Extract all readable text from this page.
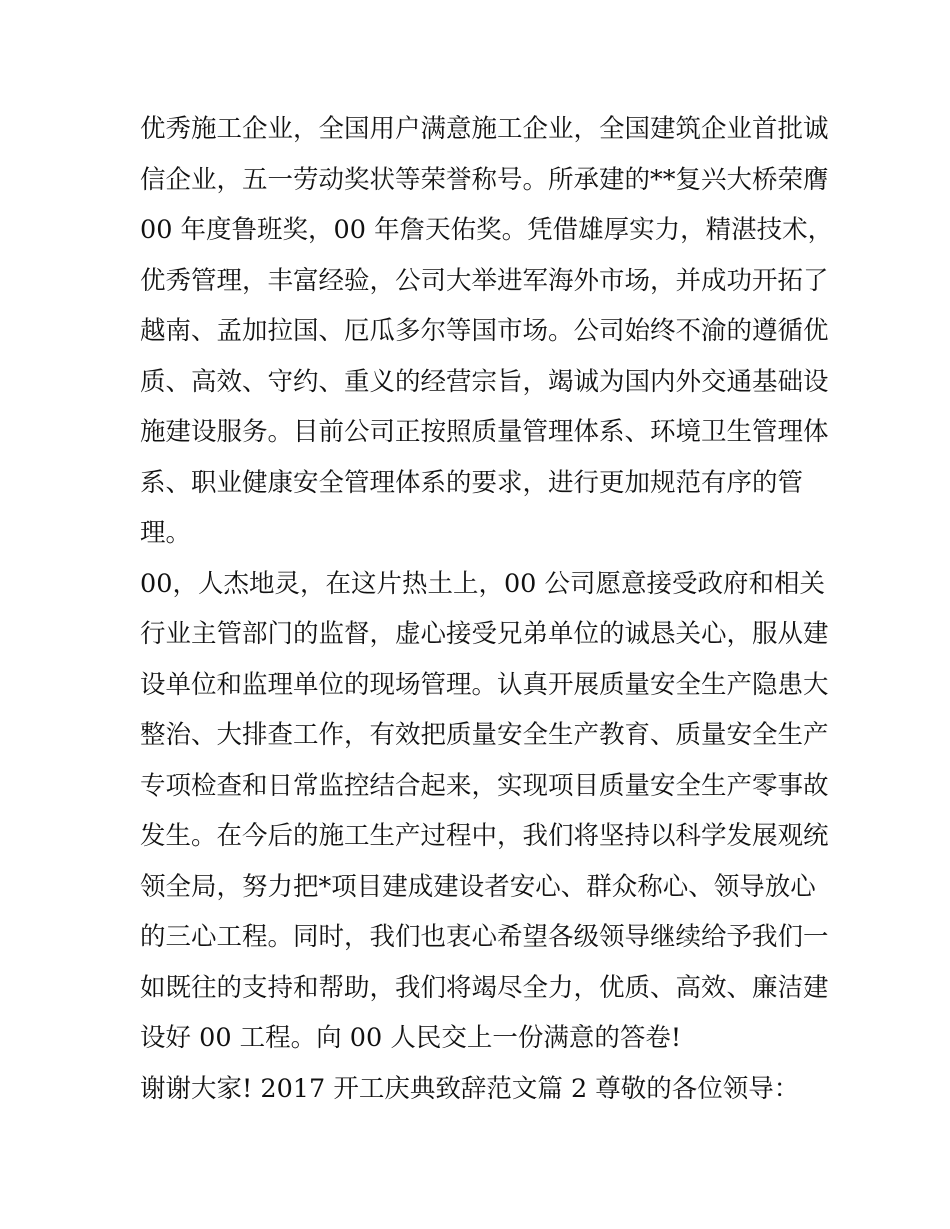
优秀施工企业，全国用户满意施工企业，全国建筑企业首批诚

信企业，五一劳动奖状等荣誉称号。所承建的**复兴大桥荣膺

00 年度鲁班奖，00 年詹天佑奖。凭借雄厚实力，精湛技术，

优秀管理，丰富经验，公司大举进军海外市场，并成功开拓了

越南、孟加拉国、厄瓜多尔等国市场。公司始终不渝的遵循优

质、高效、守约、重义的经营宗旨，竭诚为国内外交通基础设

施建设服务。目前公司正按照质量管理体系、环境卫生管理体

系、职业健康安全管理体系的要求，进行更加规范有序的管

理。

00，人杰地灵，在这片热土上，00 公司愿意接受政府和相关

行业主管部门的监督，虚心接受兄弟单位的诚恳关心，服从建

设单位和监理单位的现场管理。认真开展质量安全生产隐患大

整治、大排查工作，有效把质量安全生产教育、质量安全生产

专项检查和日常监控结合起来，实现项目质量安全生产零事故

发生。在今后的施工生产过程中，我们将坚持以科学发展观统

领全局，努力把*项目建成建设者安心、群众称心、领导放心

的三心工程。同时，我们也衷心希望各级领导继续给予我们一

如既往的支持和帮助，我们将竭尽全力，优质、高效、廉洁建

设好 00 工程。向 00 人民交上一份满意的答卷!

谢谢大家! 2017 开工庆典致辞范文篇 2 尊敬的各位领导：
